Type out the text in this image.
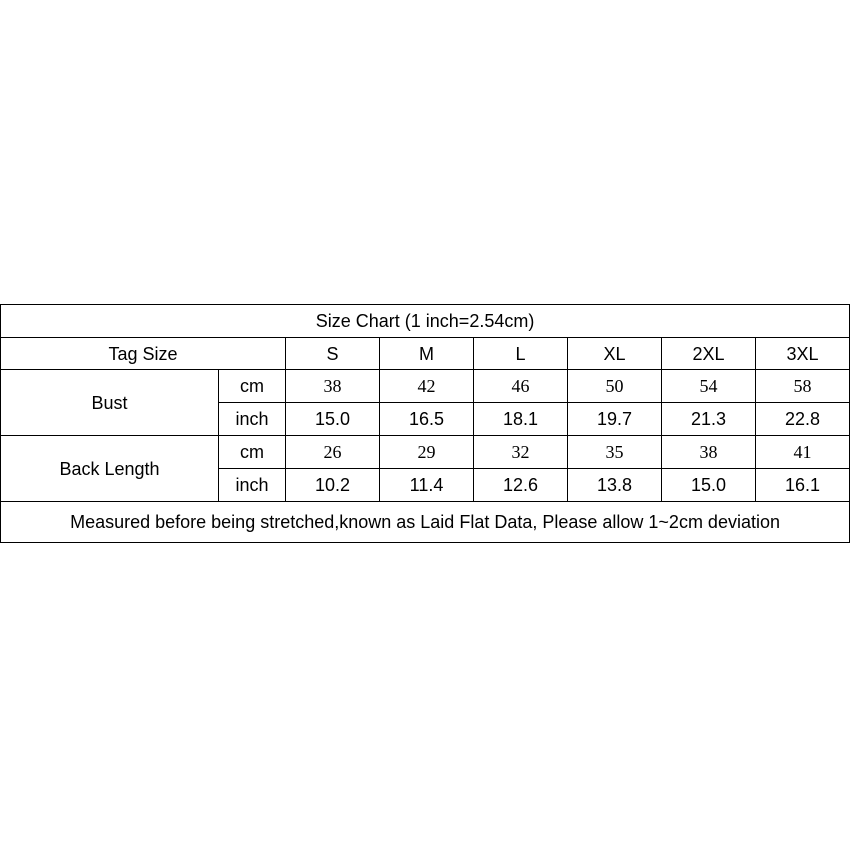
Size Chart (1 inch=2.54cm)							
Tag Size		S	M	L	XL	2XL	3XL
Bust	cm	38	42	46	50	54	58
	inch	15.0	16.5	18.1	19.7	21.3	22.8
Back Length	cm	26	29	32	35	38	41
	inch	10.2	11.4	12.6	13.8	15.0	16.1
Measured before being stretched,known as Laid Flat Data, Please allow 1~2cm deviation							
